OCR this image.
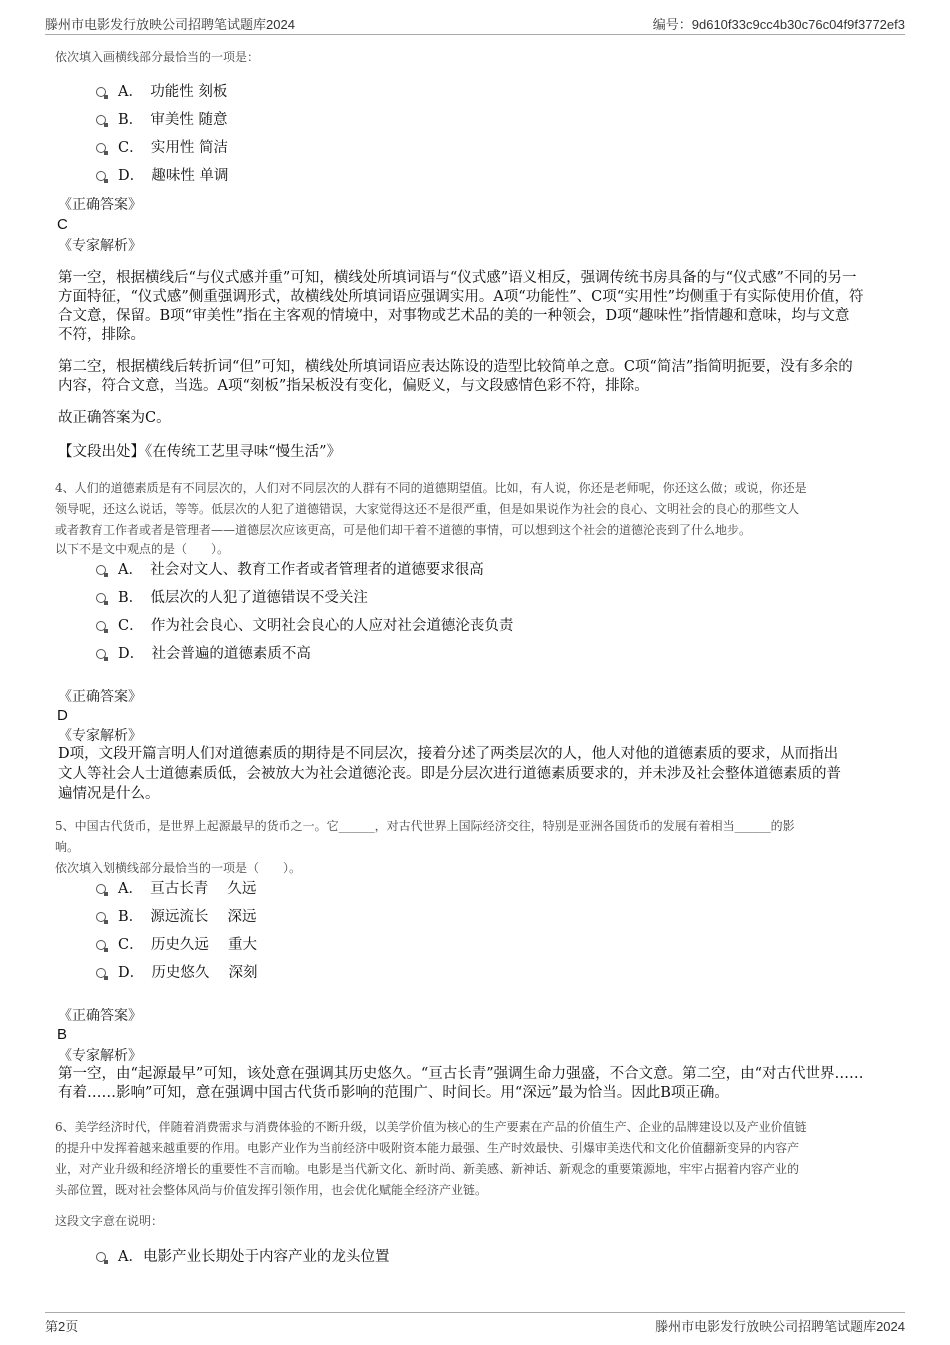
滕州市电影发行放映公司招聘笔试题库2024	编号：9d610f33c9cc4b30c76c04f9f3772ef3
依次填入画横线部分最恰当的一项是：
A．　功能性 刻板
B．　审美性 随意
C．　实用性 简洁
D．　趣味性 单调
《正确答案》
C
《专家解析》
第一空，根据横线后“与仪式感并重”可知，横线处所填词语与“仪式感”语义相反，强调传统书房具备的与“仪式感”不同的另一
方面特征，“仪式感”侧重强调形式，故横线处所填词语应强调实用。A项“功能性”、C项“实用性”均侧重于有实际使用价值，符
合文意，保留。B项“审美性”指在主客观的情境中，对事物或艺术品的美的一种领会，D项“趣味性”指情趣和意味，均与文意
不符，排除。
第二空，根据横线后转折词“但”可知，横线处所填词语应表达陈设的造型比较简单之意。C项“简洁”指简明扼要，没有多余的
内容，符合文意，当选。A项“刻板”指呆板没有变化，偏贬义，与文段感情色彩不符，排除。
故正确答案为C。
【文段出处】《在传统工艺里寻味“慢生活”》
4、人们的道德素质是有不同层次的，人们对不同层次的人群有不同的道德期望值。比如，有人说，你还是老师呢，你还这么做；或说，你还是
领导呢，还这么说话，等等。低层次的人犯了道德错误，大家觉得这还不是很严重，但是如果说作为社会的良心、文明社会的良心的那些文人
或者教育工作者或者是管理者——道德层次应该更高，可是他们却干着不道德的事情，可以想到这个社会的道德沦丧到了什么地步。
以下不是文中观点的是（　　）。
A．　社会对文人、教育工作者或者管理者的道德要求很高
B．　低层次的人犯了道德错误不受关注
C．　作为社会良心、文明社会良心的人应对社会道德沦丧负责
D．　社会普遍的道德素质不高
《正确答案》
D
《专家解析》
D项，文段开篇言明人们对道德素质的期待是不同层次，接着分述了两类层次的人，他人对他的道德素质的要求，从而指出
文人等社会人士道德素质低，会被放大为社会道德沦丧。即是分层次进行道德素质要求的，并未涉及社会整体道德素质的普
遍情况是什么。
5、中国古代货币，是世界上起源最早的货币之一。它______，对古代世界上国际经济交往，特别是亚洲各国货币的发展有着相当______的影
响。
依次填入划横线部分最恰当的一项是（　　）。
A．　亘古长青　 久远
B．　源远流长　 深远
C．　历史久远　 重大
D．　历史悠久　 深刻
《正确答案》
B
《专家解析》
第一空，由“起源最早”可知，该处意在强调其历史悠久。“亘古长青”强调生命力强盛，不合文意。第二空，由“对古代世界……
有着……影响”可知，意在强调中国古代货币影响的范围广、时间长。用“深远”最为恰当。因此B项正确。
6、美学经济时代，伴随着消费需求与消费体验的不断升级，以美学价值为核心的生产要素在产品的价值生产、企业的品牌建设以及产业价值链
的提升中发挥着越来越重要的作用。电影产业作为当前经济中吸附资本能力最强、生产时效最快、引爆审美迭代和文化价值翻新变异的内容产
业，对产业升级和经济增长的重要性不言而喻。电影是当代新文化、新时尚、新美感、新神话、新观念的重要策源地，牢牢占据着内容产业的
头部位置，既对社会整体风尚与价值发挥引领作用，也会优化赋能全经济产业链。
这段文字意在说明：
A．电影产业长期处于内容产业的龙头位置
第2页	滕州市电影发行放映公司招聘笔试题库2024
